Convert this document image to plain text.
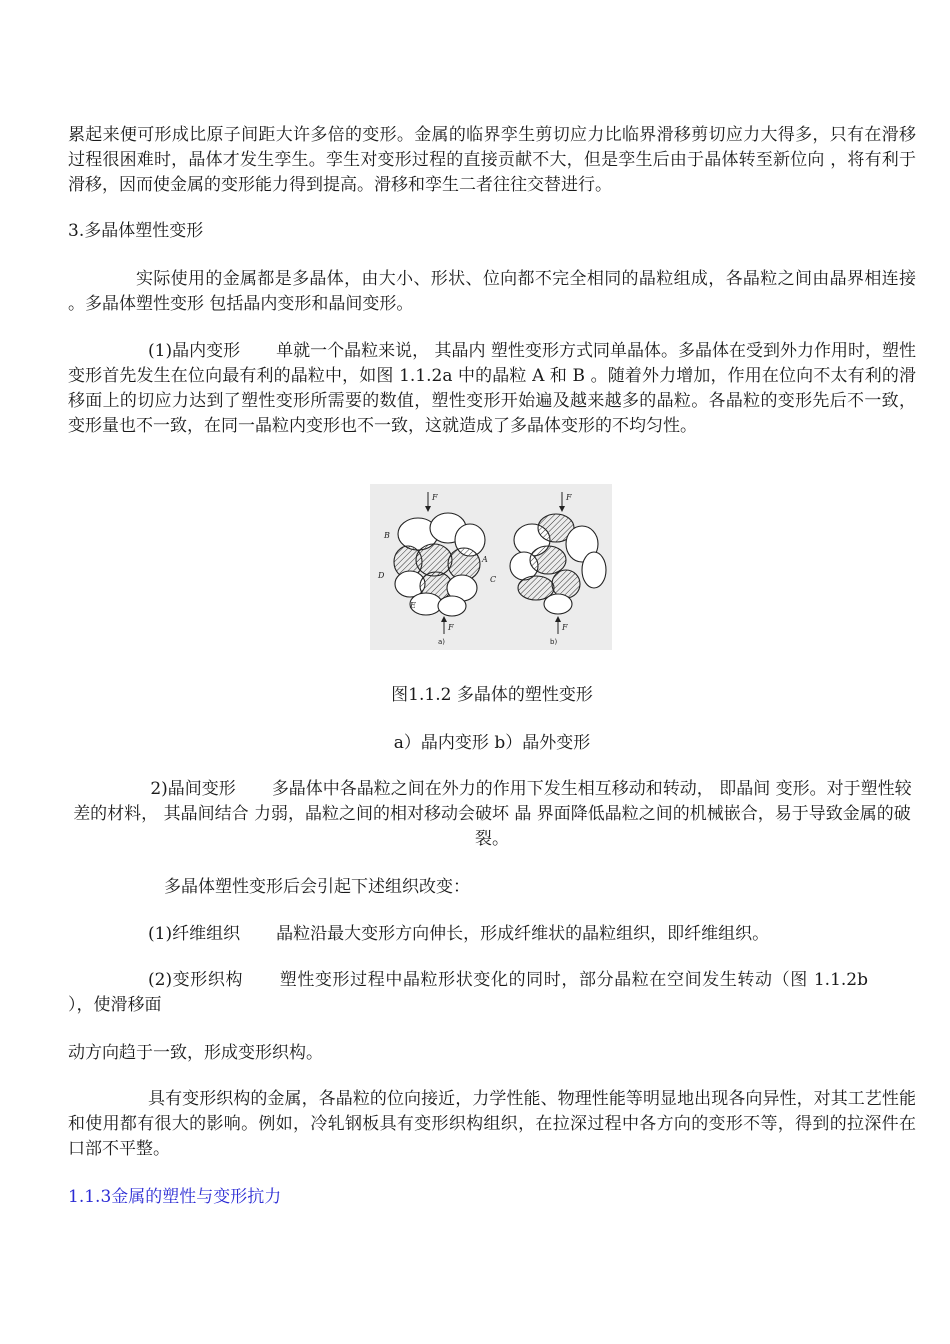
累起来便可形成比原子间距大许多倍的变形。金属的临界孪生剪切应力比临界滑移剪切应力大得多，只有在滑移过程很困难时，晶体才发生孪生。孪生对变形过程的直接贡献不大，但是孪生后由于晶体转至新位向 ，将有利于滑移，因而使金属的变形能力得到提高。滑移和孪生二者往往交替进行。

3.多晶体塑性变形

实际使用的金属都是多晶体，由大小、形状、位向都不完全相同的晶粒组成，各晶粒之间由晶界相连接 。多晶体塑性变形 包括晶内变形和晶间变形。

(1)晶内变形 单就一个晶粒来说， 其晶内 塑性变形方式同单晶体。多晶体在受到外力作用时，塑性变形首先发生在位向最有利的晶粒中，如图 1.1.2a 中的晶粒 A 和 B 。随着外力增加，作用在位向不太有利的滑移面上的切应力达到了塑性变形所需要的数值，塑性变形开始遍及越来越多的晶粒。各晶粒的变形先后不一致，变形量也不一致，在同一晶粒内变形也不一致，这就造成了多晶体变形的不均匀性。

F
F
A
B
C
D
E
a)
F
F
b)

图1.1.2 多晶体的塑性变形

a）晶内变形 b）晶外变形

2)晶间变形 多晶体中各晶粒之间在外力的作用下发生相互移动和转动， 即晶间 变形。对于塑性较差的材料， 其晶间结合 力弱，晶粒之间的相对移动会破坏 晶 界面降低晶粒之间的机械嵌合，易于导致金属的破裂。

多晶体塑性变形后会引起下述组织改变：

(1)纤维组织 晶粒沿最大变形方向伸长，形成纤维状的晶粒组织，即纤维组织。

(2)变形织构 塑性变形过程中晶粒形状变化的同时，部分晶粒在空间发生转动（图 1.1.2b ），使滑移面

动方向趋于一致，形成变形织构。

具有变形织构的金属，各晶粒的位向接近，力学性能、物理性能等明显地出现各向异性，对其工艺性能和使用都有很大的影响。例如，冷轧钢板具有变形织构组织，在拉深过程中各方向的变形不等，得到的拉深件在口部不平整。

1.1.3金属的塑性与变形抗力
